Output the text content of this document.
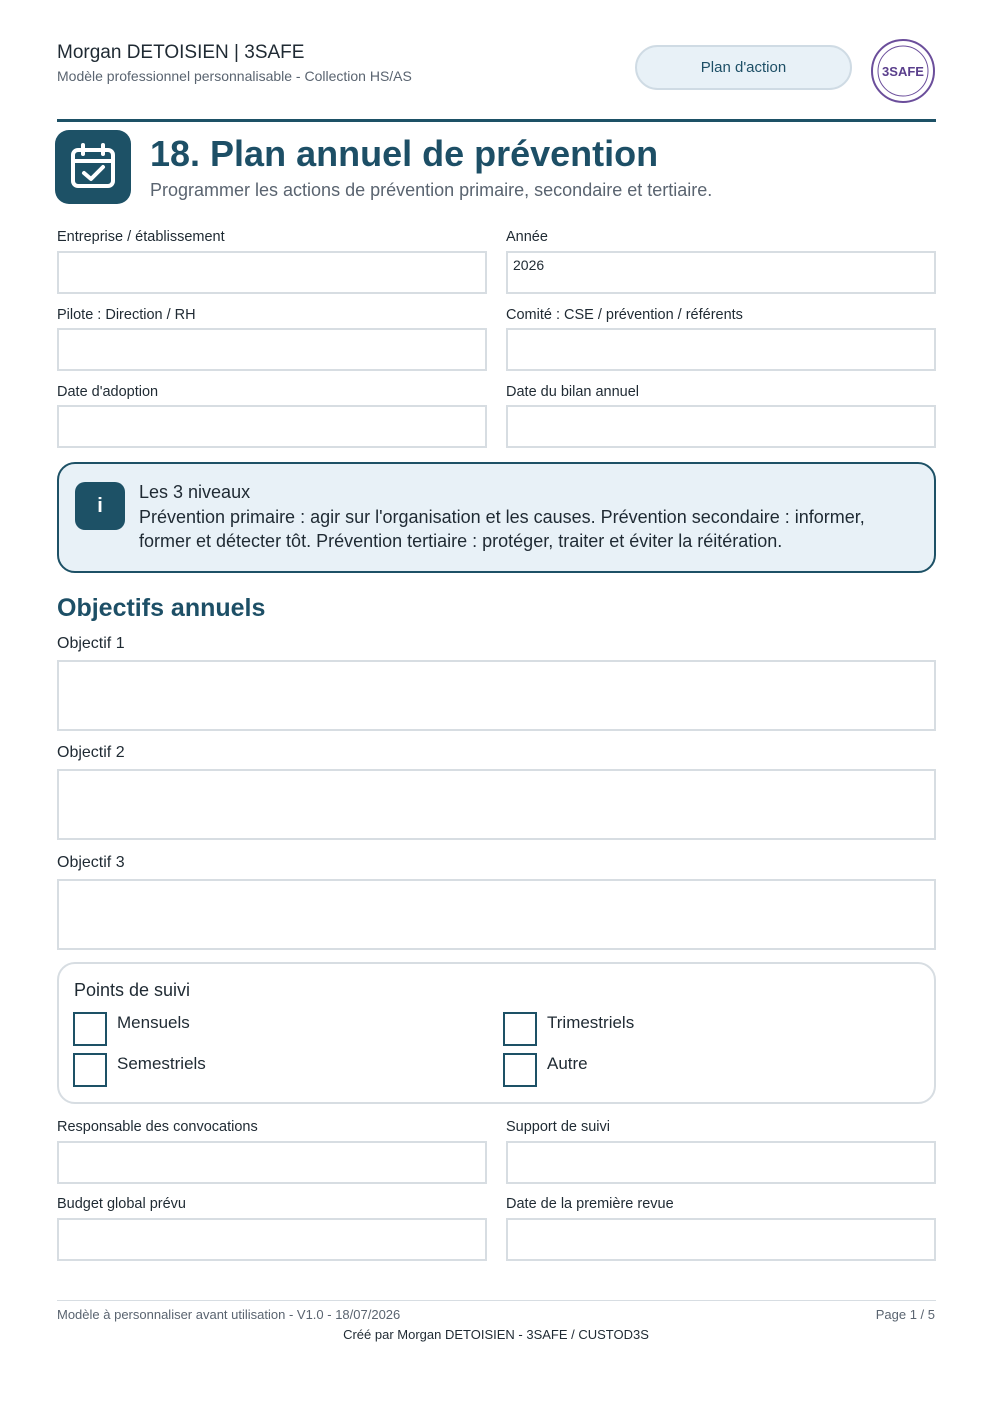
Morgan DETOISIEN | 3SAFE
Modèle professionnel personnalisable - Collection HS/AS	Plan d'action	3SAFE
18. Plan annuel de prévention
Programmer les actions de prévention primaire, secondaire et tertiaire.
Entreprise / établissement	Année
2026
Pilote : Direction / RH	Comité : CSE / prévention / référents
Date d'adoption	Date du bilan annuel
i
Les 3 niveaux
Prévention primaire : agir sur l'organisation et les causes. Prévention secondaire : informer, former et détecter tôt. Prévention tertiaire : protéger, traiter et éviter la réitération.
Objectifs annuels
Objectif 1
Objectif 2
Objectif 3
Points de suivi
Mensuels	Trimestriels
Semestriels	Autre
Responsable des convocations	Support de suivi
Budget global prévu	Date de la première revue
Modèle à personnaliser avant utilisation - V1.0 - 18/07/2026	Page 1 / 5
Créé par Morgan DETOISIEN - 3SAFE / CUSTOD3S
